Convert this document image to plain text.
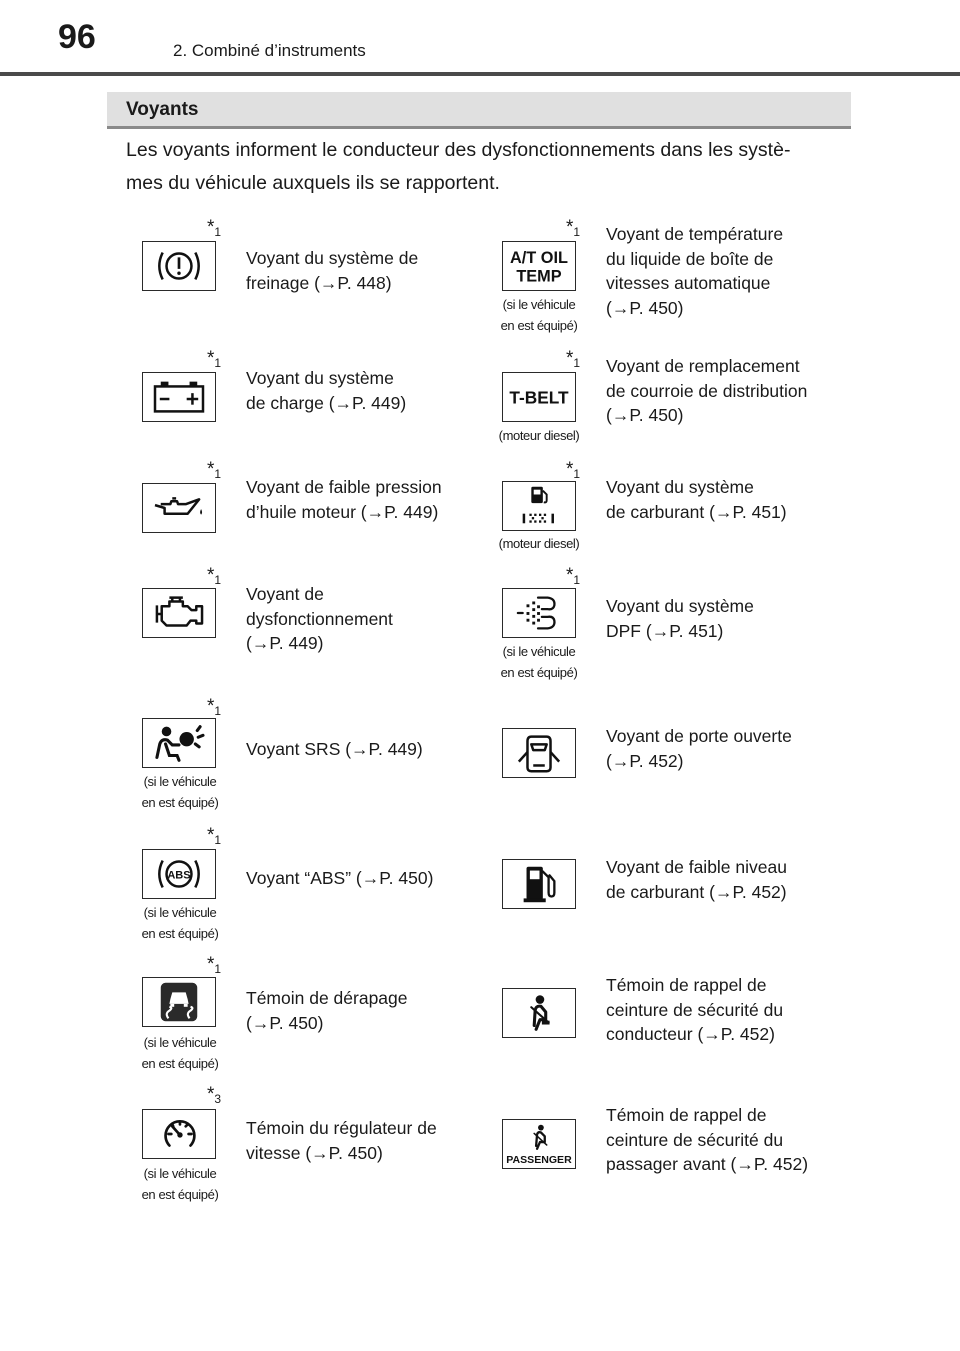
96	2. Combiné d’instruments
Voyants
Les voyants informent le conducteur des dysfonctionnements dans les systè-
mes du véhicule auxquels ils se rapportent.
$*_1$
Voyant du système de
freinage (→P. 448)
$*_1$
Voyant du système
de charge (→P. 449)
$*_1$
Voyant de faible pression
d’huile moteur (→P. 449)
$*_1$
Voyant de
dysfonctionnement
(→P. 449)
$*_1$
(si le véhicule
en est équipé)
Voyant SRS (→P. 449)
$*_1$
ABS
(si le véhicule
en est équipé)
Voyant “ABS” (→P. 450)
$*_1$
(si le véhicule
en est équipé)
Témoin de dérapage
(→P. 450)
$*_3$
(si le véhicule
en est équipé)
Témoin du régulateur de
vitesse (→P. 450)
$*_1$
A/T OIL
TEMP
(si le véhicule
en est équipé)
Voyant de température
du liquide de boîte de
vitesses automatique
(→P. 450)
$*_1$
T-BELT
(moteur diesel)
Voyant de remplacement
de courroie de distribution
(→P. 450)
$*_1$
(moteur diesel)
Voyant du système
de carburant (→P. 451)
$*_1$
(si le véhicule
en est équipé)
Voyant du système
DPF (→P. 451)
Voyant de porte ouverte
(→P. 452)
Voyant de faible niveau
de carburant (→P. 452)
Témoin de rappel de
ceinture de sécurité du
conducteur (→P. 452)
PASSENGER
Témoin de rappel de
ceinture de sécurité du
passager avant (→P. 452)
